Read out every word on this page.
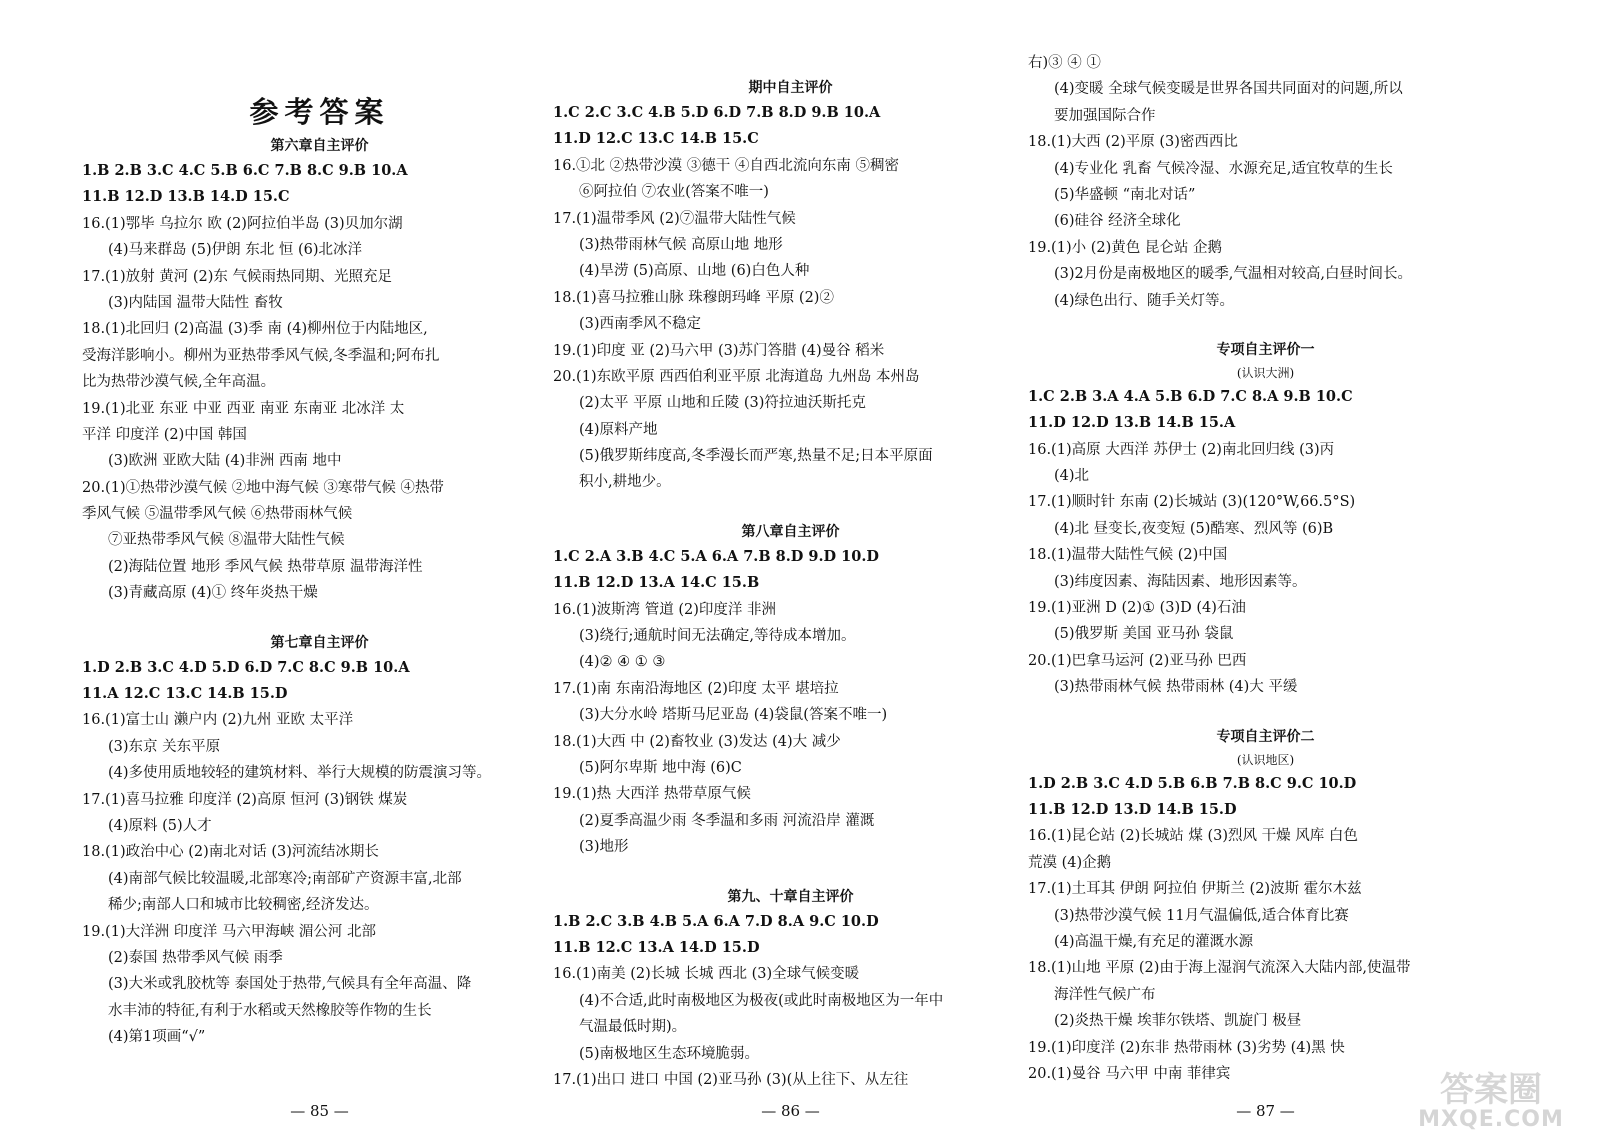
参考答案
第六章自主评价
1.B 2.B 3.C 4.C 5.B 6.C 7.B 8.C 9.B 10.A
11.B 12.D 13.B 14.D 15.C
16.(1)鄂毕 乌拉尔 欧 (2)阿拉伯半岛 (3)贝加尔湖
(4)马来群岛 (5)伊朗 东北 恒 (6)北冰洋
17.(1)放射 黄河 (2)东 气候雨热同期、光照充足
(3)内陆国 温带大陆性 畜牧
18.(1)北回归 (2)高温 (3)季 南 (4)柳州位于内陆地区,
受海洋影响小。柳州为亚热带季风气候,冬季温和;阿布扎
比为热带沙漠气候,全年高温。
19.(1)北亚 东亚 中亚 西亚 南亚 东南亚 北冰洋 太
平洋 印度洋 (2)中国 韩国
(3)欧洲 亚欧大陆 (4)非洲 西南 地中
20.(1)①热带沙漠气候 ②地中海气候 ③寒带气候 ④热带
季风气候 ⑤温带季风气候 ⑥热带雨林气候
⑦亚热带季风气候 ⑧温带大陆性气候
(2)海陆位置 地形 季风气候 热带草原 温带海洋性
(3)青藏高原 (4)① 终年炎热干燥
第七章自主评价
1.D 2.B 3.C 4.D 5.D 6.D 7.C 8.C 9.B 10.A
11.A 12.C 13.C 14.B 15.D
16.(1)富士山 濑户内 (2)九州 亚欧 太平洋
(3)东京 关东平原
(4)多使用质地较轻的建筑材料、举行大规模的防震演习等。
17.(1)喜马拉雅 印度洋 (2)高原 恒河 (3)钢铁 煤炭
(4)原料 (5)人才
18.(1)政治中心 (2)南北对话 (3)河流结冰期长
(4)南部气候比较温暖,北部寒冷;南部矿产资源丰富,北部
稀少;南部人口和城市比较稠密,经济发达。
19.(1)大洋洲 印度洋 马六甲海峡 湄公河 北部
(2)泰国 热带季风气候 雨季
(3)大米或乳胶枕等 泰国处于热带,气候具有全年高温、降
水丰沛的特征,有利于水稻或天然橡胶等作物的生长
(4)第1项画“√”
— 85 —
期中自主评价
1.C 2.C 3.C 4.B 5.D 6.D 7.B 8.D 9.B 10.A
11.D 12.C 13.C 14.B 15.C
16.①北 ②热带沙漠 ③德干 ④自西北流向东南 ⑤稠密
⑥阿拉伯 ⑦农业(答案不唯一)
17.(1)温带季风 (2)⑦温带大陆性气候
(3)热带雨林气候 高原山地 地形
(4)旱涝 (5)高原、山地 (6)白色人种
18.(1)喜马拉雅山脉 珠穆朗玛峰 平原 (2)②
(3)西南季风不稳定
19.(1)印度 亚 (2)马六甲 (3)苏门答腊 (4)曼谷 稻米
20.(1)东欧平原 西西伯利亚平原 北海道岛 九州岛 本州岛
(2)太平 平原 山地和丘陵 (3)符拉迪沃斯托克
(4)原料产地
(5)俄罗斯纬度高,冬季漫长而严寒,热量不足;日本平原面
积小,耕地少。
第八章自主评价
1.C 2.A 3.B 4.C 5.A 6.A 7.B 8.D 9.D 10.D
11.B 12.D 13.A 14.C 15.B
16.(1)波斯湾 管道 (2)印度洋 非洲
(3)绕行;通航时间无法确定,等待成本增加。
(4)② ④ ① ③
17.(1)南 东南沿海地区 (2)印度 太平 堪培拉
(3)大分水岭 塔斯马尼亚岛 (4)袋鼠(答案不唯一)
18.(1)大西 中 (2)畜牧业 (3)发达 (4)大 减少
(5)阿尔卑斯 地中海 (6)C
19.(1)热 大西洋 热带草原气候
(2)夏季高温少雨 冬季温和多雨 河流沿岸 灌溉
(3)地形
第九、十章自主评价
1.B 2.C 3.B 4.B 5.A 6.A 7.D 8.A 9.C 10.D
11.B 12.C 13.A 14.D 15.D
16.(1)南美 (2)长城 长城 西北 (3)全球气候变暖
(4)不合适,此时南极地区为极夜(或此时南极地区为一年中
气温最低时期)。
(5)南极地区生态环境脆弱。
17.(1)出口 进口 中国 (2)亚马孙 (3)(从上往下、从左往
— 86 —
右)③ ④ ①
(4)变暖 全球气候变暖是世界各国共同面对的问题,所以
要加强国际合作
18.(1)大西 (2)平原 (3)密西西比
(4)专业化 乳畜 气候冷湿、水源充足,适宜牧草的生长
(5)华盛顿 “南北对话”
(6)硅谷 经济全球化
19.(1)小 (2)黄色 昆仑站 企鹅
(3)2月份是南极地区的暖季,气温相对较高,白昼时间长。
(4)绿色出行、随手关灯等。
专项自主评价一
(认识大洲)
1.C 2.B 3.A 4.A 5.B 6.D 7.C 8.A 9.B 10.C
11.D 12.D 13.B 14.B 15.A
16.(1)高原 大西洋 苏伊士 (2)南北回归线 (3)丙
(4)北
17.(1)顺时针 东南 (2)长城站 (3)(120°W,66.5°S)
(4)北 昼变长,夜变短 (5)酷寒、烈风等 (6)B
18.(1)温带大陆性气候 (2)中国
(3)纬度因素、海陆因素、地形因素等。
19.(1)亚洲 D (2)① (3)D (4)石油
(5)俄罗斯 美国 亚马孙 袋鼠
20.(1)巴拿马运河 (2)亚马孙 巴西
(3)热带雨林气候 热带雨林 (4)大 平缓
专项自主评价二
(认识地区)
1.D 2.B 3.C 4.D 5.B 6.B 7.B 8.C 9.C 10.D
11.B 12.D 13.D 14.B 15.D
16.(1)昆仑站 (2)长城站 煤 (3)烈风 干燥 风库 白色
荒漠 (4)企鹅
17.(1)土耳其 伊朗 阿拉伯 伊斯兰 (2)波斯 霍尔木兹
(3)热带沙漠气候 11月气温偏低,适合体育比赛
(4)高温干燥,有充足的灌溉水源
18.(1)山地 平原 (2)由于海上湿润气流深入大陆内部,使温带
海洋性气候广布
(2)炎热干燥 埃菲尔铁塔、凯旋门 极昼
19.(1)印度洋 (2)东非 热带雨林 (3)劣势 (4)黑 快
20.(1)曼谷 马六甲 中南 菲律宾
— 87 —
答案圈
MXQE.COM
